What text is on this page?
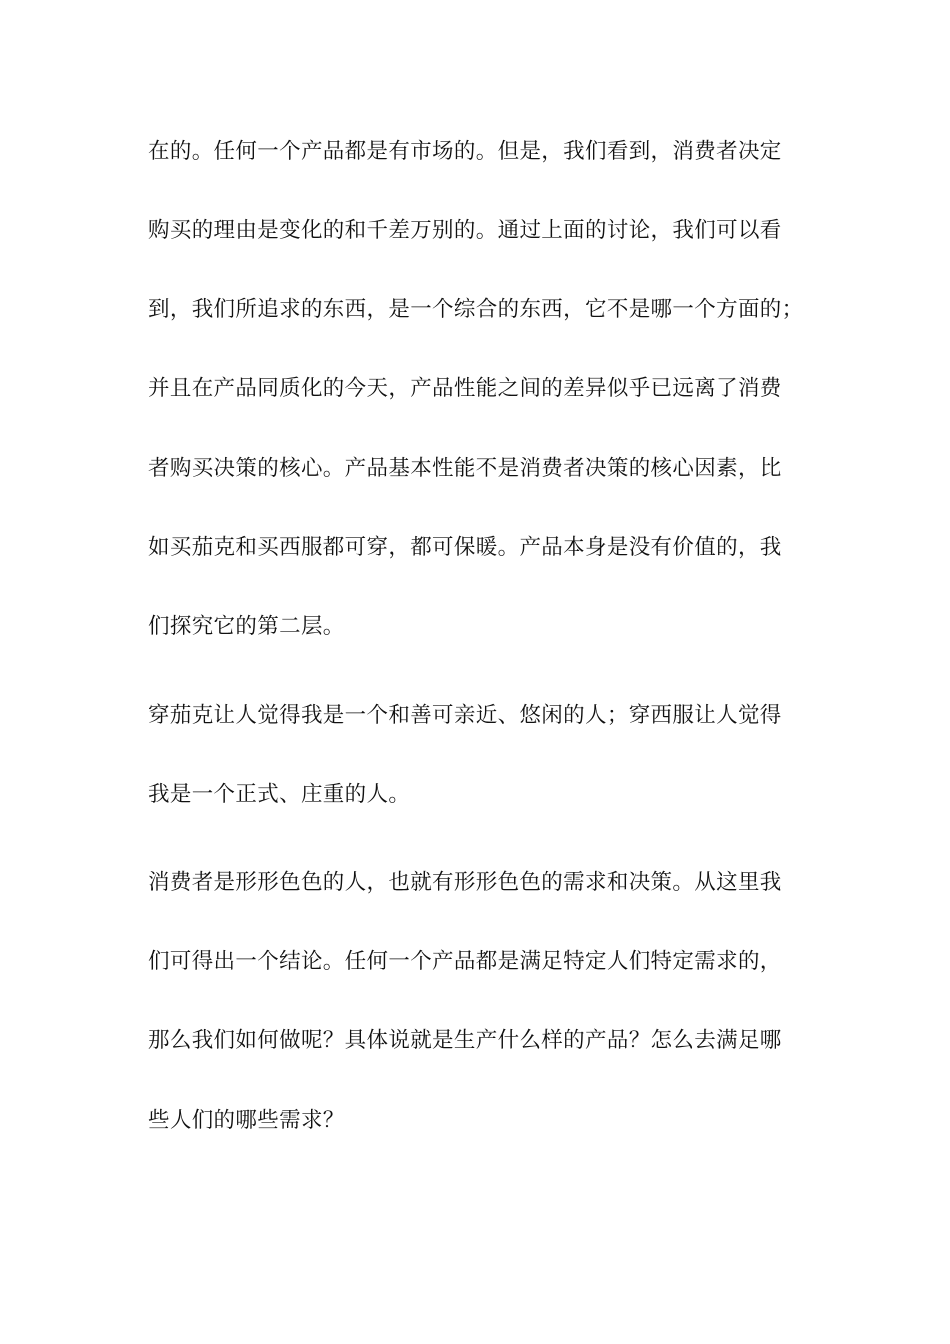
在的。任何一个产品都是有市场的。但是，我们看到，消费者决定
购买的理由是变化的和千差万别的。通过上面的讨论，我们可以看
到，我们所追求的东西，是一个综合的东西，它不是哪一个方面的；
并且在产品同质化的今天，产品性能之间的差异似乎已远离了消费
者购买决策的核心。产品基本性能不是消费者决策的核心因素，比
如买茄克和买西服都可穿，都可保暖。产品本身是没有价值的，我
们探究它的第二层。
穿茄克让人觉得我是一个和善可亲近、悠闲的人；穿西服让人觉得
我是一个正式、庄重的人。
消费者是形形色色的人，也就有形形色色的需求和决策。从这里我
们可得出一个结论。任何一个产品都是满足特定人们特定需求的，
那么我们如何做呢？具体说就是生产什么样的产品？怎么去满足哪
些人们的哪些需求？
